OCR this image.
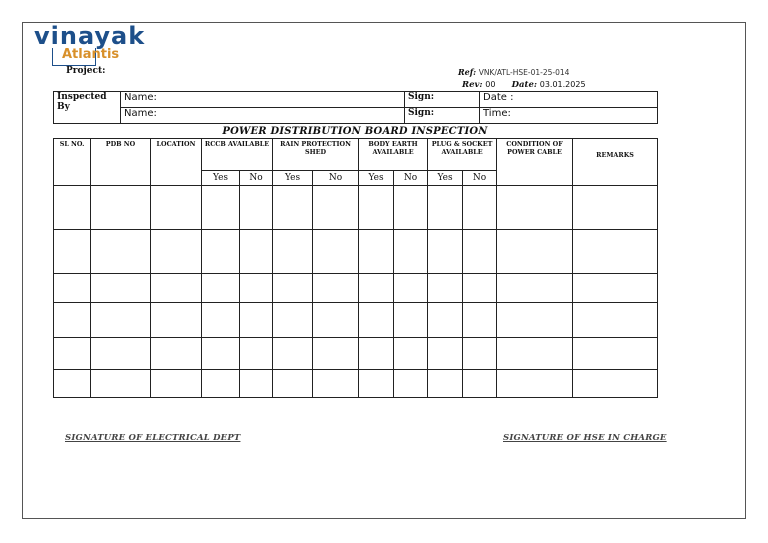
vinayak
Atlantis
Project:	Ref: VNK/ATL-HSE-01-25-014
Rev: 00 Date: 03.01.2025
Inspected By	Name:	Sign:	Date :
	Name:	Sign:	Time:
POWER DISTRIBUTION BOARD INSPECTION
SL NO.	PDB NO	LOCATION	RCCB AVAILABLE		RAIN PROTECTION SHED		BODY EARTH AVAILABLE		PLUG & SOCKET AVAILABLE		CONDITION OF POWER CABLE	REMARKS
			Yes	No	Yes	No	Yes	No	Yes	No		

SIGNATURE OF ELECTRICAL DEPT	SIGNATURE OF HSE IN CHARGE
